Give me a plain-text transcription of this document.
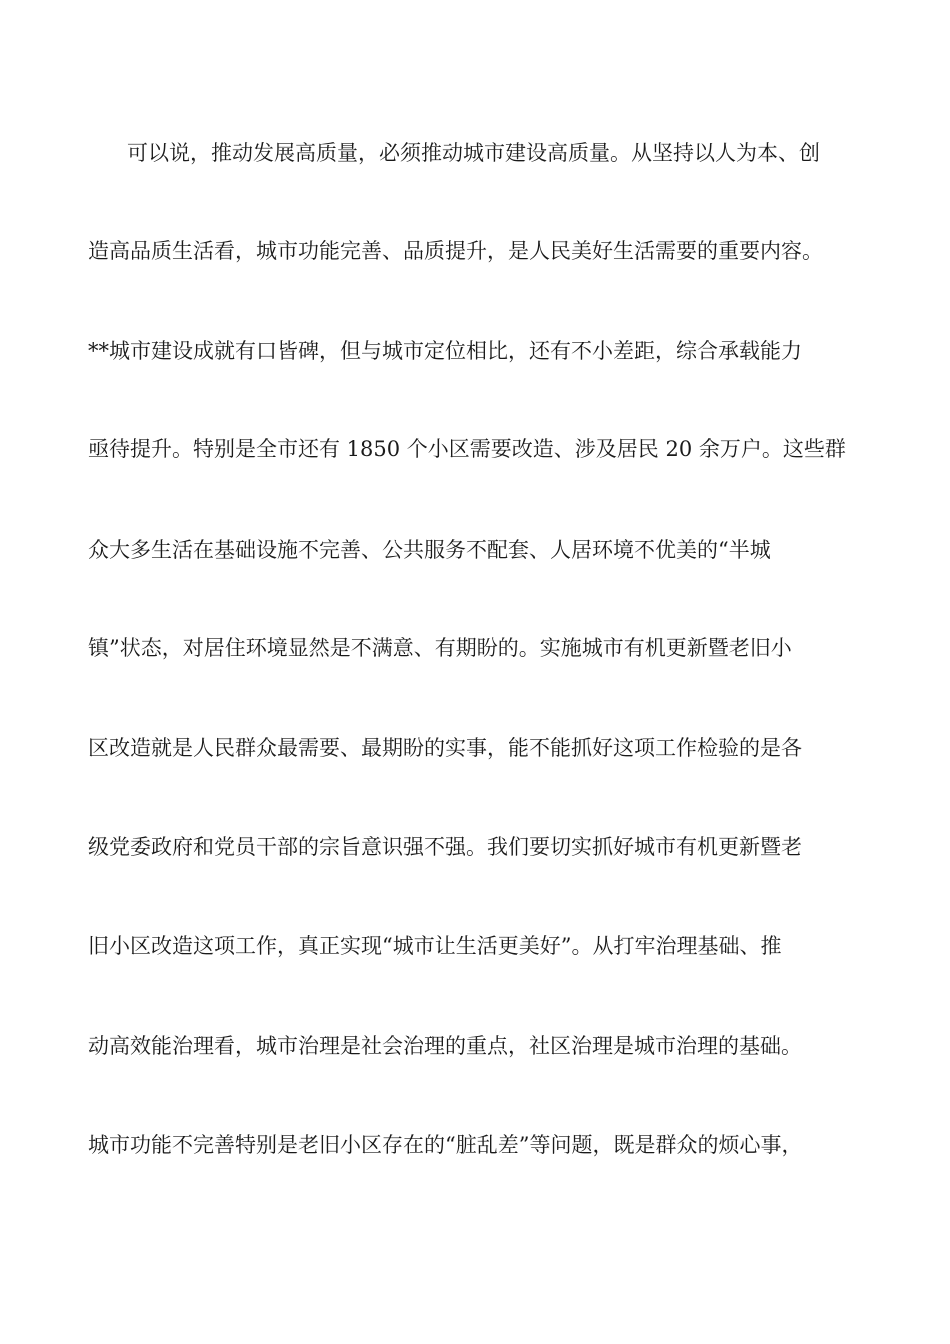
可以说，推动发展高质量，必须推动城市建设高质量。从坚持以人为本、创
造高品质生活看，城市功能完善、品质提升，是人民美好生活需要的重要内容。
**城市建设成就有口皆碑，但与城市定位相比，还有不小差距，综合承载能力
亟待提升。特别是全市还有 1850 个小区需要改造、涉及居民 20 余万户。这些群
众大多生活在基础设施不完善、公共服务不配套、人居环境不优美的“半城
镇”状态，对居住环境显然是不满意、有期盼的。实施城市有机更新暨老旧小
区改造就是人民群众最需要、最期盼的实事，能不能抓好这项工作检验的是各
级党委政府和党员干部的宗旨意识强不强。我们要切实抓好城市有机更新暨老
旧小区改造这项工作，真正实现“城市让生活更美好”。从打牢治理基础、推
动高效能治理看，城市治理是社会治理的重点，社区治理是城市治理的基础。
城市功能不完善特别是老旧小区存在的“脏乱差”等问题，既是群众的烦心事，
